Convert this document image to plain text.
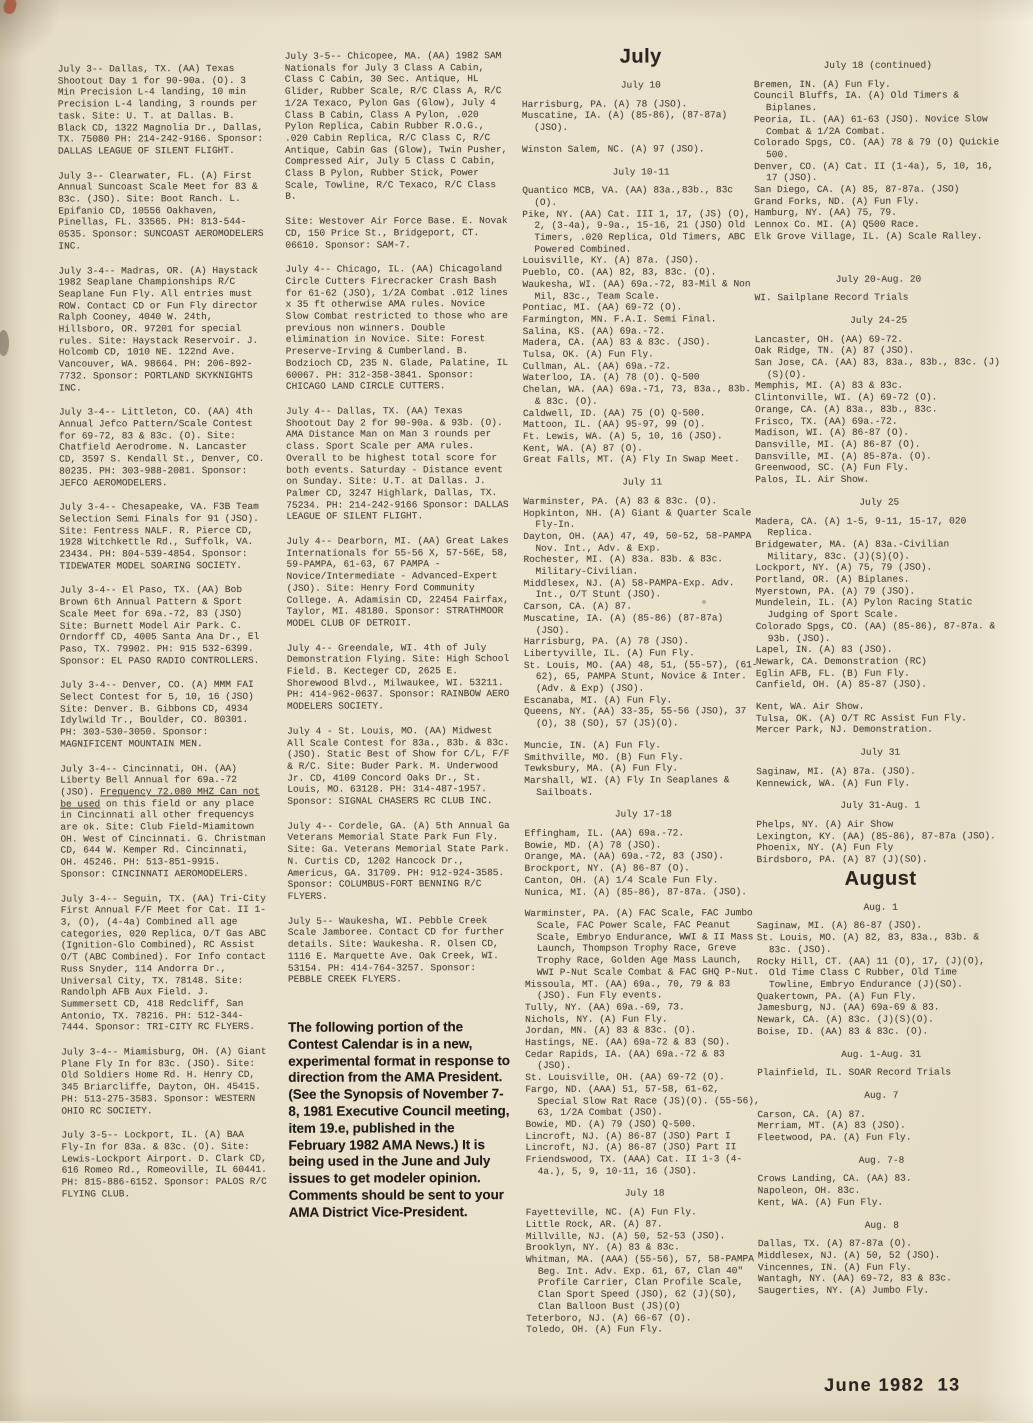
July 3-- Dallas, TX. (AA) Texas Shootout Day 1 for 90-90a. (O). 3 Min Precision L-4 landing, 10 min Precision L-4 landing, 3 rounds per task. Site: U. T. at Dallas. B. Black CD, 1322 Magnolia Dr., Dallas, TX. 75080 PH: 214-242-9166. Sponsor: DALLAS LEAGUE OF SILENT FLIGHT.
July 3-- Clearwater, FL. (A) First Annual Suncoast Scale Meet for 83 & 83c. (JSO). Site: Boot Ranch. L. Epifanio CD, 10556 Oakhaven, Pinellas, FL. 33565. PH: 813-544-0535. Sponsor: SUNCOAST AEROMODELERS INC.
July 3-4-- Madras, OR. (A) Haystack 1982 Seaplane Championships R/C Seaplane Fun Fly. All entries must ROW. Contact CD or Fun Fly director Ralph Cooney, 4040 W. 24th, Hillsboro, OR. 97201 for special rules. Site: Haystack Reservoir. J. Holcomb CD, 1010 NE. 122nd Ave. Vancouver, WA. 98664. PH: 206-892-7732. Sponsor: PORTLAND SKYKNIGHTS INC.
July 3-4-- Littleton, CO. (AA) 4th Annual Jefco Pattern/Scale Contest for 69-72, 83 & 83c. (O). Site: Chatfield Aerodrome. N. Lancaster CD, 3597 S. Kendall St., Denver, CO. 80235. PH: 303-988-2081. Sponsor: JEFCO AEROMODELERS.
July 3-4-- Chesapeake, VA. F3B Team Selection Semi Finals for 91 (JSO). Site: Fentress NALF. R. Pierce CD, 1928 Witchkettle Rd., Suffolk, VA. 23434. PH: 804-539-4854. Sponsor: TIDEWATER MODEL SOARING SOCIETY.
July 3-4-- El Paso, TX. (AA) Bob Brown 6th Annual Pattern & Sport Scale Meet for 69a.-72, 83 (JSO) Site: Burnett Model Air Park. C. Orndorff CD, 4005 Santa Ana Dr., El Paso, TX. 79902. PH: 915 532-6399. Sponsor: EL PASO RADIO CONTROLLERS.
July 3-4-- Denver, CO. (A) MMM FAI Select Contest for 5, 10, 16 (JSO) Site: Denver. B. Gibbons CD, 4934 Idylwild Tr., Boulder, CO. 80301. PH: 303-530-3050. Sponsor: MAGNIFICENT MOUNTAIN MEN.
July 3-4-- Cincinnati, OH. (AA) Liberty Bell Annual for 69a.-72 (JSO). Frequency 72.080 MHZ Can not be used on this field or any place in Cincinnati all other frequencys are ok. Site: Club Field-Miamitown OH. West of Cincinnati. G. Christman CD, 644 W. Kemper Rd. Cincinnati, OH. 45246. PH: 513-851-9915. Sponsor: CINCINNATI AEROMODELERS.
July 3-4-- Seguin, TX. (AA) Tri-City First Annual F/F Meet for Cat. II 1-3, (O), (4-4a) Combined all age categories, 020 Replica, O/T Gas ABC (Ignition-Glo Combined), RC Assist O/T (ABC Combined). For Info contact Russ Snyder, 114 Andorra Dr., Universal City, TX. 78148. Site: Randolph AFB Aux Field. J. Summersett CD, 418 Redcliff, San Antonio, TX. 78216. PH: 512-344-7444. Sponsor: TRI-CITY RC FLYERS.
July 3-4-- Miamisburg, OH. (A) Giant Plane Fly In for 83c. (JSO). Site: Old Soldiers Home Rd. H. Henry CD, 345 Briarcliffe, Dayton, OH. 45415. PH: 513-275-3583. Sponsor: WESTERN OHIO RC SOCIETY.
July 3-5-- Lockport, IL. (A) BAA Fly-In for 83a. & 83c. (O). Site: Lewis-Lockport Airport. D. Clark CD, 616 Romeo Rd., Romeoville, IL 60441. PH: 815-886-6152. Sponsor: PALOS R/C FLYING CLUB.
July 3-5-- Chicopee, MA. (AA) 1982 SAM Nationals for July 3 Class A Cabin, Class C Cabin, 30 Sec. Antique, HL Glider, Rubber Scale, R/C Class A, R/C 1/2A Texaco, Pylon Gas (Glow), July 4 Class B Cabin, Class A Pylon, .020 Pylon Replica, Cabin Rubber R.O.G., .020 Cabin Replica, R/C Class C, R/C Antique, Cabin Gas (Glow), Twin Pusher, Compressed Air, July 5 Class C Cabin, Class B Pylon, Rubber Stick, Power Scale, Towline, R/C Texaco, R/C Class B.
Site: Westover Air Force Base. E. Novak CD, 150 Price St., Bridgeport, CT. 06610. Sponsor: SAM-7.
July 4-- Chicago, IL. (AA) Chicagoland Circle Cutters Firecracker Crash Bash for 61-62 (JSO), 1/2A Combat .012 lines x 35 ft otherwise AMA rules. Novice Slow Combat restricted to those who are previous non winners. Double elimination in Novice. Site: Forest Preserve-Irving & Cumberland. B. Bodzioch CD, 235 N. Glade, Palatine, IL 60067. PH: 312-358-3841. Sponsor: CHICAGO LAND CIRCLE CUTTERS.
July 4-- Dallas, TX. (AA) Texas Shootout Day 2 for 90-90a. & 93b. (O). AMA Distance Man on Man 3 rounds per class. Sport Scale per AMA rules. Overall to be highest total score for both events. Saturday - Distance event on Sunday. Site: U.T. at Dallas. J. Palmer CD, 3247 Highlark, Dallas, TX. 75234. PH: 214-242-9166 Sponsor: DALLAS LEAGUE OF SILENT FLIGHT.
July 4-- Dearborn, MI. (AA) Great Lakes Internationals for 55-56 X, 57-56E, 58, 59-PAMPA, 61-63, 67 PAMPA - Novice/Intermediate - Advanced-Expert (JSO). Site: Henry Ford Community College. A. Adamisin CD, 22454 Fairfax, Taylor, MI. 48180. Sponsor: STRATHMOOR MODEL CLUB OF DETROIT.
July 4-- Greendale, WI. 4th of July Demonstration Flying. Site: High School Field. B. Kecteger CD, 2625 E. Shorewood Blvd., Milwaukee, WI. 53211. PH: 414-962-0637. Sponsor: RAINBOW AERO MODELERS SOCIETY.
July 4 - St. Louis, MO. (AA) Midwest All Scale Contest for 83a., 83b. & 83c. (JSO). Static Best of Show for C/L, F/F & R/C. Site: Buder Park. M. Underwood Jr. CD, 4109 Concord Oaks Dr., St. Louis, MO. 63128. PH: 314-487-1957. Sponsor: SIGNAL CHASERS RC CLUB INC.
July 4-- Cordele, GA. (A) 5th Annual Ga Veterans Memorial State Park Fun Fly. Site: Ga. Veterans Memorial State Park. N. Curtis CD, 1202 Hancock Dr., Americus, GA. 31709. PH: 912-924-3585. Sponsor: COLUMBUS-FORT BENNING R/C FLYERS.
July 5-- Waukesha, WI. Pebble Creek Scale Jamboree. Contact CD for further details. Site: Waukesha. R. Olsen CD, 1116 E. Marquette Ave. Oak Creek, WI. 53154. PH: 414-764-3257. Sponsor: PEBBLE CREEK FLYERS.
The following portion of the Contest Calendar is in a new, experimental format in response to direction from the AMA President. (See the Synopsis of November 7-8, 1981 Executive Council meeting, item 19.e, published in the February 1982 AMA News.) It is being used in the June and July issues to get modeler opinion. Comments should be sent to your AMA District Vice-President.
July
July 10
Harrisburg, PA. (A) 78 (JSO).
Muscatine, IA. (A) (85-86), (87-87a) (JSO).
Winston Salem, NC. (A) 97 (JSO).
July 10-11
Quantico MCB, VA. (AA) 83a.,83b., 83c (O).
Pike, NY. (AA) Cat. III 1, 17, (JS) (O), 2, (3-4a), 9-9a., 15-16, 21 (JSO) Old Timers, .020 Replica, Old Timers, ABC Powered Combined.
Louisville, KY. (A) 87a. (JSO).
Pueblo, CO. (AA) 82, 83, 83c. (O).
Waukesha, WI. (AA) 69a.-72, 83-Mil & Non Mil, 83c., Team Scale.
Pontiac, MI. (AA) 69-72 (O).
Farmington, MN. F.A.I. Semi Final.
Salina, KS. (AA) 69a.-72.
Madera, CA. (AA) 83 & 83c. (JSO).
Tulsa, OK. (A) Fun Fly.
Cullman, AL. (AA) 69a.-72.
Waterloo, IA. (A) 78 (O). Q-500
Chelan, WA. (AA) 69a.-71, 73, 83a., 83b. & 83c. (O).
Caldwell, ID. (AA) 75 (O) Q-500.
Mattoon, IL. (AA) 95-97, 99 (O).
Ft. Lewis, WA. (A) 5, 10, 16 (JSO).
Kent, WA. (A) 87 (O).
Great Falls, MT. (A) Fly In Swap Meet.
July 11
Warminster, PA. (A) 83 & 83c. (O).
Hopkinton, NH. (A) Giant & Quarter Scale Fly-In.
Dayton, OH. (AA) 47, 49, 50-52, 58-PAMPA Nov. Int., Adv. & Exp.
Rochester, MI. (A) 83a. 83b. & 83c. Military-Civilian.
Middlesex, NJ. (A) 58-PAMPA-Exp. Adv. Int., O/T Stunt (JSO).
Carson, CA. (A) 87.
Muscatine, IA. (A) (85-86) (87-87a) (JSO).
Harrisburg, PA. (A) 78 (JSO).
Libertyville, IL. (A) Fun Fly.
St. Louis, MO. (AA) 48, 51, (55-57), (61-62), 65, PAMPA Stunt, Novice & Inter. (Adv. & Exp) (JSO).
Escanaba, MI. (A) Fun Fly.
Queens, NY. (AA) 33-35, 55-56 (JSO), 37 (O), 38 (SO), 57 (JS)(O).
Muncie, IN. (A) Fun Fly.
Smithville, MO. (B) Fun Fly.
Tewksbury, MA. (A) Fun Fly.
Marshall, WI. (A) Fly In Seaplanes & Sailboats.
July 17-18
Effingham, IL. (AA) 69a.-72.
Bowie, MD. (A) 78 (JSO).
Orange, MA. (AA) 69a.-72, 83 (JSO).
Brockport, NY. (A) 86-87 (O).
Canton, OH. (A) 1/4 Scale Fun Fly.
Nunica, MI. (A) (85-86), 87-87a. (JSO).
Warminster, PA. (A) FAC Scale, FAC Jumbo Scale, FAC Power Scale, FAC Peanut Scale, Embryo Endurance, WWI & II Mass Launch, Thompson Trophy Race, Greve Trophy Race, Golden Age Mass Launch, WWI P-Nut Scale Combat & FAC GHQ P-Nut.
Missoula, MT. (AA) 69a., 70, 79 & 83 (JSO). Fun Fly events.
Tully, NY. (AA) 69a.-69, 73.
Nichols, NY. (A) Fun Fly.
Jordan, MN. (A) 83 & 83c. (O).
Hastings, NE. (AA) 69a-72 & 83 (SO).
Cedar Rapids, IA. (AA) 69a.-72 & 83 (JSO).
St. Louisville, OH. (AA) 69-72 (O).
Fargo, ND. (AAA) 51, 57-58, 61-62, Special Slow Rat Race (JS)(O). (55-56), 63, 1/2A Combat (JSO).
Bowie, MD. (A) 79 (JSO) Q-500.
Lincroft, NJ. (A) 86-87 (JSO) Part I
Lincroft, NJ. (A) 86-87 (JSO) Part II
Friendswood, TX. (AAA) Cat. II 1-3 (4-4a.), 5, 9, 10-11, 16 (JSO).
July 18
Fayetteville, NC. (A) Fun Fly.
Little Rock, AR. (A) 87.
Millville, NJ. (A) 50, 52-53 (JSO).
Brooklyn, NY. (A) 83 & 83c.
Whitman, MA. (AAA) (55-56), 57, 58-PAMPA Beg. Int. Adv. Exp. 61, 67, Clan 40" Profile Carrier, Clan Profile Scale, Clan Sport Speed (JSO), 62 (J)(SO), Clan Balloon Bust (JS)(O)
Teterboro, NJ. (A) 66-67 (O).
Toledo, OH. (A) Fun Fly.
July 18 (continued)
Bremen, IN. (A) Fun Fly.
Council Bluffs, IA. (A) Old Timers & Biplanes.
Peoria, IL. (AA) 61-63 (JSO). Novice Slow Combat & 1/2A Combat.
Colorado Spgs, CO. (AA) 78 & 79 (O) Quickie 500.
Denver, CO. (A) Cat. II (1-4a), 5, 10, 16, 17 (JSO).
San Diego, CA. (A) 85, 87-87a. (JSO)
Grand Forks, ND. (A) Fun Fly.
Hamburg, NY. (AA) 75, 79.
Lennox Co. MI. (A) Q500 Race.
Elk Grove Village, IL. (A) Scale Ralley.
July 20-Aug. 20
WI. Sailplane Record Trials
July 24-25
Lancaster, OH. (AA) 69-72.
Oak Ridge, TN. (A) 87 (JSO).
San Jose, CA. (AA) 83, 83a., 83b., 83c. (J)(S)(O).
Memphis, MI. (A) 83 & 83c.
Clintonville, WI. (A) 69-72 (O).
Orange, CA. (A) 83a., 83b., 83c.
Frisco, TX. (AA) 69a.-72.
Madison, WI. (A) 86-87 (O).
Dansville, MI. (A) 86-87 (O).
Dansville, MI. (A) 85-87a. (O).
Greenwood, SC. (A) Fun Fly.
Palos, IL. Air Show.
July 25
Madera, CA. (A) 1-5, 9-11, 15-17, 020 Replica.
Bridgewater, MA. (A) 83a.-Civilian Military, 83c. (J)(S)(O).
Lockport, NY. (A) 75, 79 (JSO).
Portland, OR. (A) Biplanes.
Myerstown, PA. (A) 79 (JSO).
Mundelein, IL. (A) Pylon Racing Static Judging of Sport Scale.
Colorado Spgs, CO. (AA) (85-86), 87-87a. & 93b. (JSO).
Lapel, IN. (A) 83 (JSO).
Newark, CA. Demonstration (RC)
Eglin AFB, FL. (B) Fun Fly.
Canfield, OH. (A) 85-87 (JSO).
Kent, WA. Air Show.
Tulsa, OK. (A) O/T RC Assist Fun Fly.
Mercer Park, NJ. Demonstration.
July 31
Saginaw, MI. (A) 87a. (JSO).
Kennewick, WA. (A) Fun Fly.
July 31-Aug. 1
Phelps, NY. (A) Air Show
Lexington, KY. (AA) (85-86), 87-87a (JSO).
Phoenix, NY. (A) Fun Fly
Birdsboro, PA. (A) 87 (J)(SO).
August
Aug. 1
Saginaw, MI. (A) 86-87 (JSO).
St. Louis, MO. (A) 82, 83, 83a., 83b. & 83c. (JSO).
Rocky Hill, CT. (AA) 11 (O), 17, (J)(O), Old Time Class C Rubber, Old Time Towline, Embryo Endurance (J)(SO).
Quakertown, PA. (A) Fun Fly.
Jamesburg, NJ. (AA) 69a-69 & 83.
Newark, CA. (A) 83c. (J)(S)(O).
Boise, ID. (AA) 83 & 83c. (O).
Aug. 1-Aug. 31
Plainfield, IL. SOAR Record Trials
Aug. 7
Carson, CA. (A) 87.
Merriam, MT. (A) 83 (JSO).
Fleetwood, PA. (A) Fun Fly.
Aug. 7-8
Crows Landing, CA. (AA) 83.
Napoleon, OH. 83c.
Kent, WA. (A) Fun Fly.
Aug. 8
Dallas, TX. (A) 87-87a (O).
Middlesex, NJ. (A) 50, 52 (JSO).
Vincennes, IN. (A) Fun Fly.
Wantagh, NY. (AA) 69-72, 83 & 83c.
Saugerties, NY. (A) Jumbo Fly.
June 1982  13
